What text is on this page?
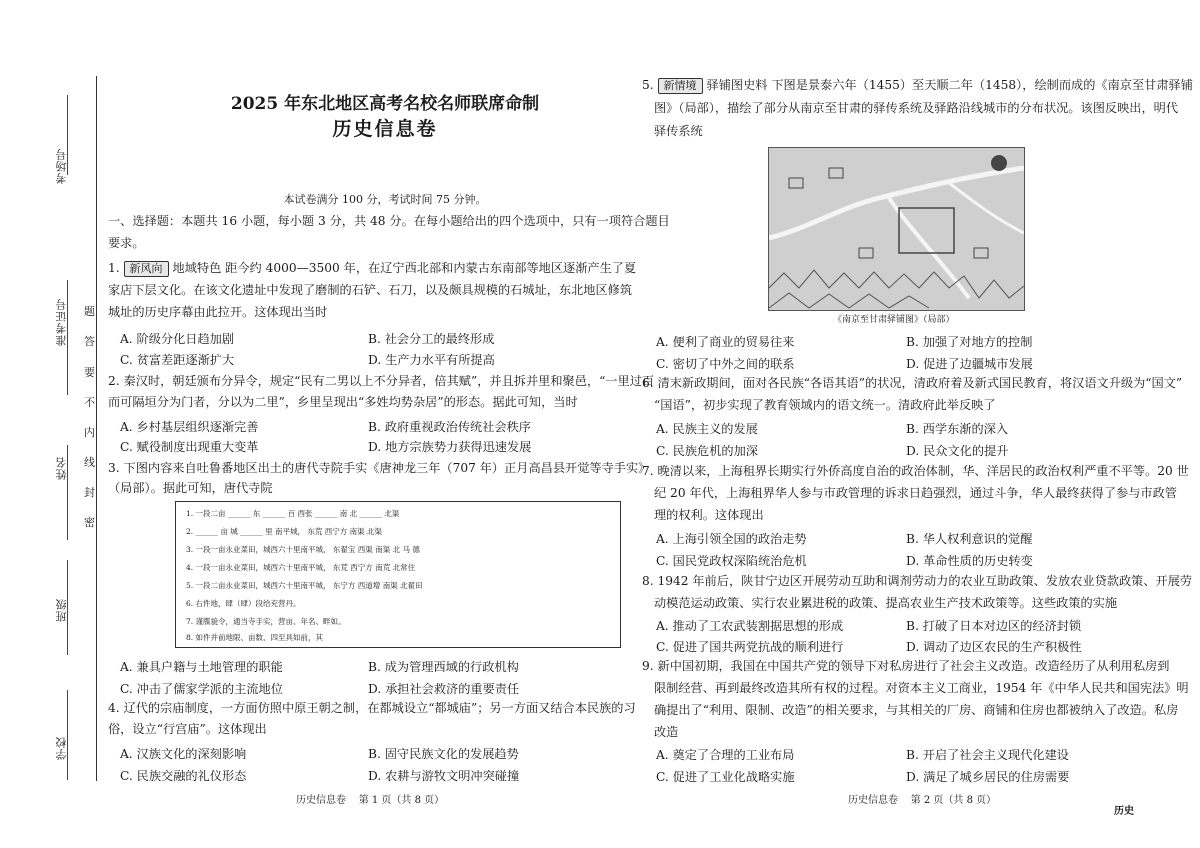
考场号
准考证号
姓名
班级
学校
题
答
要
不
内
线
封
密
2025 年东北地区高考名校名师联席命制
历史信息卷
本试卷满分 100 分，考试时间 75 分钟。
一、选择题：本题共 16 小题，每小题 3 分，共 48 分。在每小题给出的四个选项中，只有一项符合题目
要求。
1. 新风向 地域特色 距今约 4000—3500 年，在辽宁西北部和内蒙古东南部等地区逐渐产生了夏
家店下层文化。在该文化遗址中发现了磨制的石铲、石刀，以及颇具规模的石城址，东北地区修筑
城址的历史序幕由此拉开。这体现出当时
A. 阶级分化日趋加剧	B. 社会分工的最终形成
C. 贫富差距逐渐扩大	D. 生产力水平有所提高
2. 秦汉时，朝廷颁布分异令，规定“民有二男以上不分异者，倍其赋”，并且拆并里和聚邑，“一里过百
而可隔垣分为门者，分以为二里”，乡里呈现出“多姓均势杂居”的形态。据此可知，当时
A. 乡村基层组织逐渐完善	B. 政府重视政治传统社会秩序
C. 赋役制度出现重大变革	D. 地方宗族势力获得迅速发展
3. 下图内容来自吐鲁番地区出土的唐代寺院手实《唐神龙三年（707 年）正月高昌县开觉等寺手实》
（局部）。据此可知，唐代寺院
1. 一段二亩 ______ 东 ______ 百 西张 ______ 南 北 ______ 北渠
2. ______ 亩 城 ______ 里 南平城， 东荒 西宁方 南渠 北渠
3. 一段一亩永业菜田，城西六十里南平城， 东翟宝 西渠 南渠 北 马 德
4. 一段一亩永业菜田，城西六十里南平城， 东荒 西宁方 南荒 北常住
5. 一段二亩永业菜田，城西六十里南平城， 东宁方 西道增 南渠 北翟田
6. 右件地，肆（肆）段给充营丹。
7. 谨牒貌令，通当寺手实，营亩、年名、畔如。
8. 如件并前地限、亩数、四至具如前，其
A. 兼具户籍与土地管理的职能	B. 成为管理西域的行政机构
C. 冲击了儒家学派的主流地位	D. 承担社会救济的重要责任
4. 辽代的宗庙制度，一方面仿照中原王朝之制，在都城设立“都城庙”；另一方面又结合本民族的习
俗，设立“行宫庙”。这体现出
A. 汉族文化的深刻影响	B. 固守民族文化的发展趋势
C. 民族交融的礼仪形态	D. 农耕与游牧文明冲突碰撞
历史信息卷    第 1 页（共 8 页）
5. 新情境 驿铺图史料 下图是景泰六年（1455）至天顺二年（1458），绘制而成的《南京至甘肃驿铺
图》（局部），描绘了部分从南京至甘肃的驿传系统及驿路沿线城市的分布状况。该图反映出，明代
驿传系统
《南京至甘肃驿铺图》（局部）
A. 便利了商业的贸易往来	B. 加强了对地方的控制
C. 密切了中外之间的联系	D. 促进了边疆城市发展
6. 清末新政期间，面对各民族“各语其语”的状况，清政府着及新式国民教育，将汉语文升级为“国文”
“国语”，初步实现了教育领域内的语文统一。清政府此举反映了
A. 民族主义的发展	B. 西学东渐的深入
C. 民族危机的加深	D. 民众文化的提升
7. 晚清以来，上海租界长期实行外侨高度自治的政治体制，华、洋居民的政治权利严重不平等。20 世
纪 20 年代，上海租界华人参与市政管理的诉求日趋强烈，通过斗争，华人最终获得了参与市政管
理的权利。这体现出
A. 上海引领全国的政治走势	B. 华人权利意识的觉醒
C. 国民党政权深陷统治危机	D. 革命性质的历史转变
8. 1942 年前后，陕甘宁边区开展劳动互助和调剂劳动力的农业互助政策、发放农业贷款政策、开展劳
动模范运动政策、实行农业累进税的政策、提高农业生产技术政策等。这些政策的实施
A. 推动了工农武装割据思想的形成	B. 打破了日本对边区的经济封锁
C. 促进了国共两党抗战的顺利进行	D. 调动了边区农民的生产积极性
9. 新中国初期，我国在中国共产党的领导下对私房进行了社会主义改造。改造经历了从利用私房到
限制经营、再到最终改造其所有权的过程。对资本主义工商业，1954 年《中华人民共和国宪法》明
确提出了“利用、限制、改造”的相关要求，与其相关的厂房、商铺和住房也都被纳入了改造。私房
改造
A. 奠定了合理的工业布局	B. 开启了社会主义现代化建设
C. 促进了工业化战略实施	D. 满足了城乡居民的住房需要
历史信息卷    第 2 页（共 8 页）
历史
